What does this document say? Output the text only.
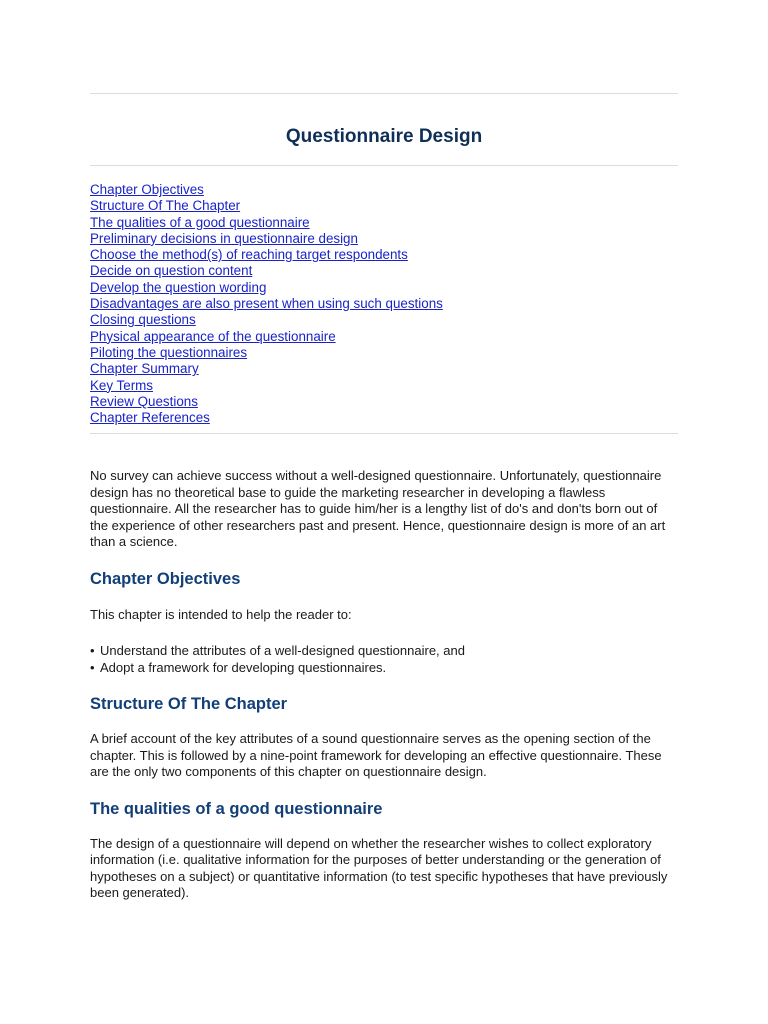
Questionnaire Design
Chapter Objectives
Structure Of The Chapter
The qualities of a good questionnaire
Preliminary decisions in questionnaire design
Choose the method(s) of reaching target respondents
Decide on question content
Develop the question wording
Disadvantages are also present when using such questions
Closing questions
Physical appearance of the questionnaire
Piloting the questionnaires
Chapter Summary
Key Terms
Review Questions
Chapter References

No survey can achieve success without a well-designed questionnaire. Unfortunately, questionnaire design has no theoretical base to guide the marketing researcher in developing a flawless questionnaire. All the researcher has to guide him/her is a lengthy list of do's and don'ts born out of the experience of other researchers past and present. Hence, questionnaire design is more of an art than a science.

Chapter Objectives

This chapter is intended to help the reader to:

• Understand the attributes of a well-designed questionnaire, and
• Adopt a framework for developing questionnaires.
Structure Of The Chapter

A brief account of the key attributes of a sound questionnaire serves as the opening section of the chapter. This is followed by a nine-point framework for developing an effective questionnaire. These are the only two components of this chapter on questionnaire design.

The qualities of a good questionnaire

The design of a questionnaire will depend on whether the researcher wishes to collect exploratory information (i.e. qualitative information for the purposes of better understanding or the generation of hypotheses on a subject) or quantitative information (to test specific hypotheses that have previously been generated).
